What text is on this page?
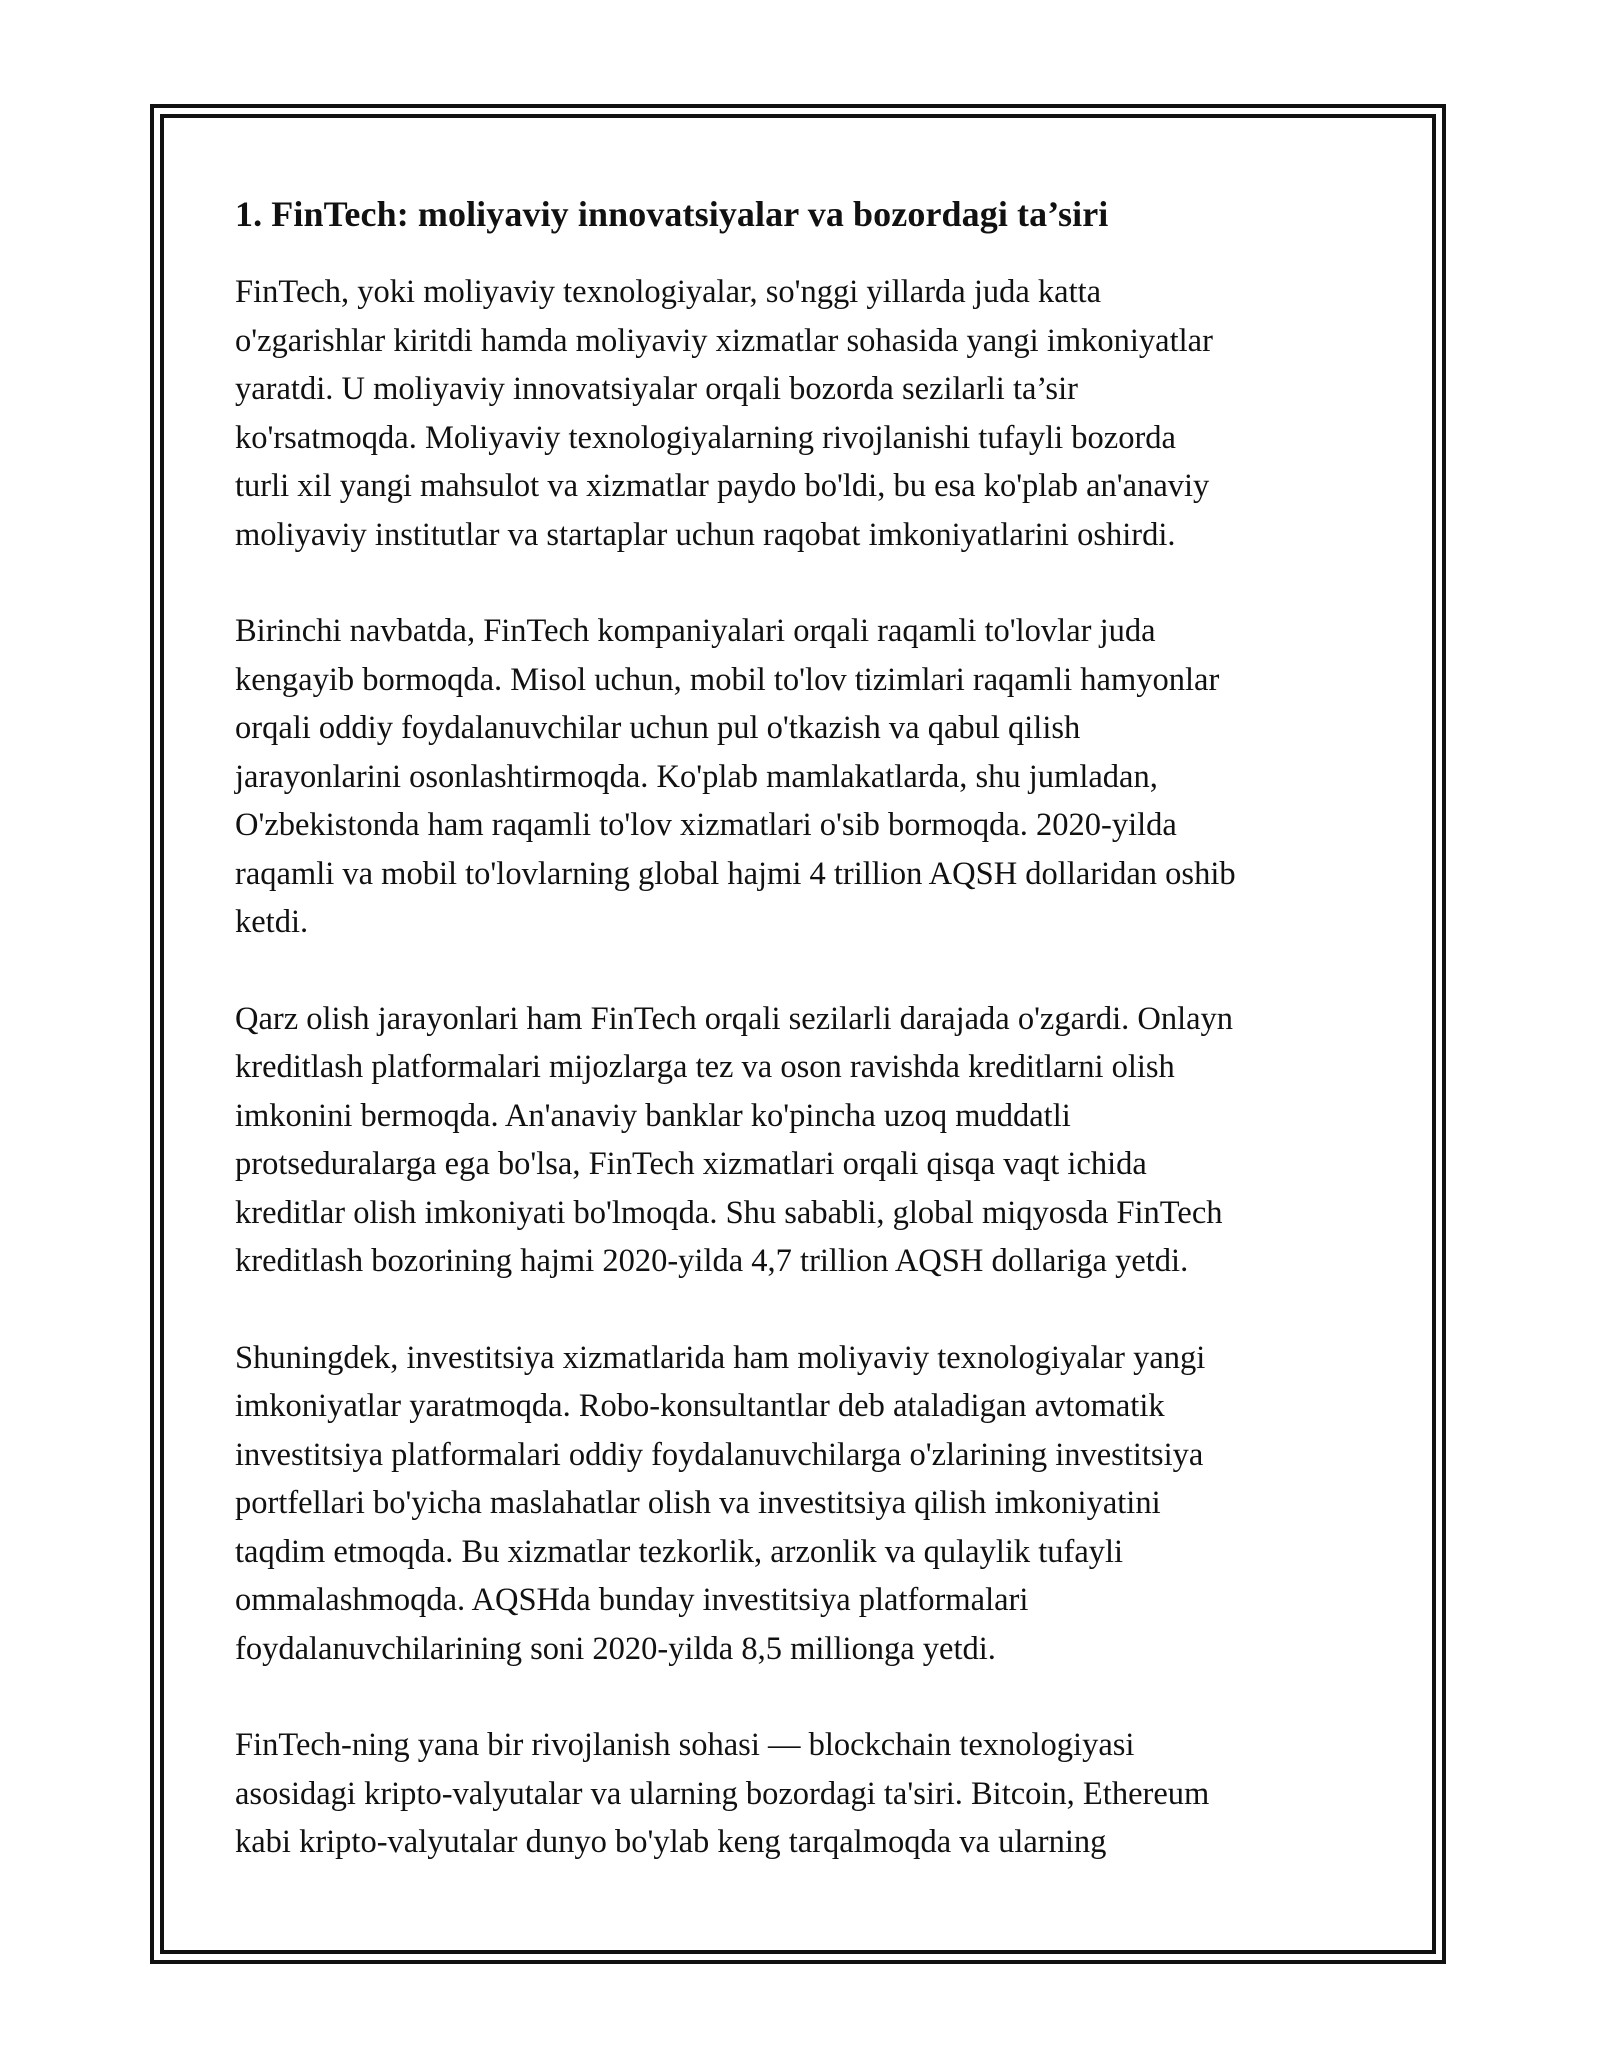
1. FinTech: moliyaviy innovatsiyalar va bozordagi ta’siri

FinTech, yoki moliyaviy texnologiyalar, so'nggi yillarda juda katta
o'zgarishlar kiritdi hamda moliyaviy xizmatlar sohasida yangi imkoniyatlar
yaratdi. U moliyaviy innovatsiyalar orqali bozorda sezilarli ta’sir
ko'rsatmoqda. Moliyaviy texnologiyalarning rivojlanishi tufayli bozorda
turli xil yangi mahsulot va xizmatlar paydo bo'ldi, bu esa ko'plab an'anaviy
moliyaviy institutlar va startaplar uchun raqobat imkoniyatlarini oshirdi.

Birinchi navbatda, FinTech kompaniyalari orqali raqamli to'lovlar juda
kengayib bormoqda. Misol uchun, mobil to'lov tizimlari raqamli hamyonlar
orqali oddiy foydalanuvchilar uchun pul o'tkazish va qabul qilish
jarayonlarini osonlashtirmoqda. Ko'plab mamlakatlarda, shu jumladan,
O'zbekistonda ham raqamli to'lov xizmatlari o'sib bormoqda. 2020-yilda
raqamli va mobil to'lovlarning global hajmi 4 trillion AQSH dollaridan oshib
ketdi.

Qarz olish jarayonlari ham FinTech orqali sezilarli darajada o'zgardi. Onlayn
kreditlash platformalari mijozlarga tez va oson ravishda kreditlarni olish
imkonini bermoqda. An'anaviy banklar ko'pincha uzoq muddatli
protseduralarga ega bo'lsa, FinTech xizmatlari orqali qisqa vaqt ichida
kreditlar olish imkoniyati bo'lmoqda. Shu sababli, global miqyosda FinTech
kreditlash bozorining hajmi 2020-yilda 4,7 trillion AQSH dollariga yetdi.

Shuningdek, investitsiya xizmatlarida ham moliyaviy texnologiyalar yangi
imkoniyatlar yaratmoqda. Robo-konsultantlar deb ataladigan avtomatik
investitsiya platformalari oddiy foydalanuvchilarga o'zlarining investitsiya
portfellari bo'yicha maslahatlar olish va investitsiya qilish imkoniyatini
taqdim etmoqda. Bu xizmatlar tezkorlik, arzonlik va qulaylik tufayli
ommalashmoqda. AQSHda bunday investitsiya platformalari
foydalanuvchilarining soni 2020-yilda 8,5 millionga yetdi.

FinTech-ning yana bir rivojlanish sohasi — blockchain texnologiyasi
asosidagi kripto-valyutalar va ularning bozordagi ta'siri. Bitcoin, Ethereum
kabi kripto-valyutalar dunyo bo'ylab keng tarqalmoqda va ularning
